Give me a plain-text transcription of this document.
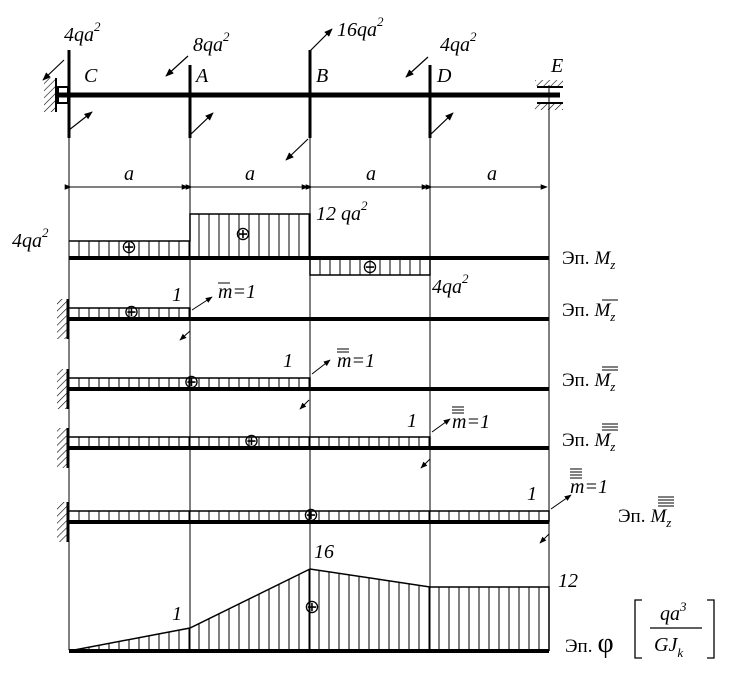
$4qa^2$
$8qa^2$	$16qa^2$
$4qa^2$
C	A	B	D	E
a	a	a	a
⊕
⊕
⊖
$4qa^2$
12 $qa^2$
$4qa^2$
Эп. $M_z$
⊕
1 m=1
Эп. $M_z$
⊕
1 m=1
Эп. $M_z$
⊕
1 m=1
Эп. $M_z$
⊕
1 m=1
Эп. $M_z$
⊕
1
16
12
Эп. φ
$qa^3$
$GJ_k$
